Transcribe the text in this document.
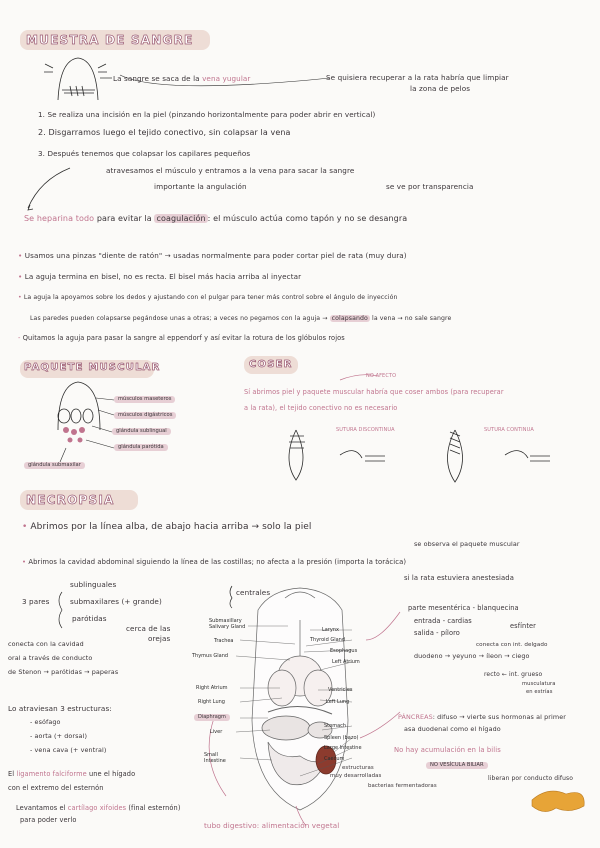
MUESTRA DE SANGRE
La sangre se saca de la vena yugular	Se quisiera recuperar a la rata habría que limpiar
la zona de pelos
1. Se realiza una incisión en la piel (pinzando horizontalmente para poder abrir en vertical)
2. Disgarramos luego el tejido conectivo, sin colapsar la vena
3. Después tenemos que colapsar los capilares pequeños
atravesamos el músculo y entramos a la vena para sacar la sangre
importante la angulación	se ve por transparencia
Se heparina todo para evitar la coagulación : el músculo actúa como tapón y no se desangra
• Usamos una pinzas "diente de ratón" → usadas normalmente para poder cortar piel de rata (muy dura)
• La aguja termina en bisel, no es recta. El bisel más hacia arriba al inyectar
• La aguja la apoyamos sobre los dedos y ajustando con el pulgar para tener más control sobre el ángulo de inyección
Las paredes pueden colapsarse pegándose unas a otras; a veces no pegamos con la aguja → colapsando la vena → no sale sangre
- Quitamos la aguja para pasar la sangre al eppendorf y así evitar la rotura de los glóbulos rojos
PAQUETE MUSCULAR
músculos maseteros
músculos digástricos
glándula sublingual
glándula parótida
glándula submaxilar
COSER
NO AFECTO
Sí abrimos piel y paquete muscular habría que coser ambos (para recuperar
a la rata), el tejido conectivo no es necesario
SUTURA DISCONTINUA	SUTURA CONTINUA
NECROPSIA
• Abrimos por la línea alba, de abajo hacia arriba → solo la piel
se observa el paquete muscular
• Abrimos la cavidad abdominal siguiendo la línea de las costillas; no afecta a la presión (importa la torácica)
si la rata estuviera anestesiada
3 pares
sublinguales
submaxilares (+ grande)
centrales
parótidas
cerca de las
orejas
conecta con la cavidad
oral a través de conducto
de Stenon → parótidas → paperas
Lo atraviesan 3 estructuras:
- esófago
- aorta (+ dorsal)
- vena cava (+ ventral)
El ligamento falciforme une el hígado
con el extremo del esternón
Levantamos el cartílago xifoides (final esternón)
para poder verlo
tubo digestivo: alimentación vegetal
Submaxillary Salivary Gland
Trachea
Thymus Gland
Right Atrium
Right Lung
Diaphragm
Liver
Small Intestine
Larynx
Thyroid Gland
Esophagus
Left Atrium
Ventricles
Left Lung
Stomach
Spleen (bazo)
Large Intestine
Caecum
estructuras
muy desarrolladas
bacterias fermentadoras
parte mesentérica - blanquecina
entrada - cardias
esfínter
salida - píloro
conecta con int. delgado
duodeno → yeyuno → íleon → ciego
recto ← int. grueso
musculatura
en estrías
PÁNCREAS: difuso → vierte sus hormonas al primer
asa duodenal como el hígado
No hay acumulación en la bilis
NO VESÍCULA BILIAR
liberan por conducto difuso
